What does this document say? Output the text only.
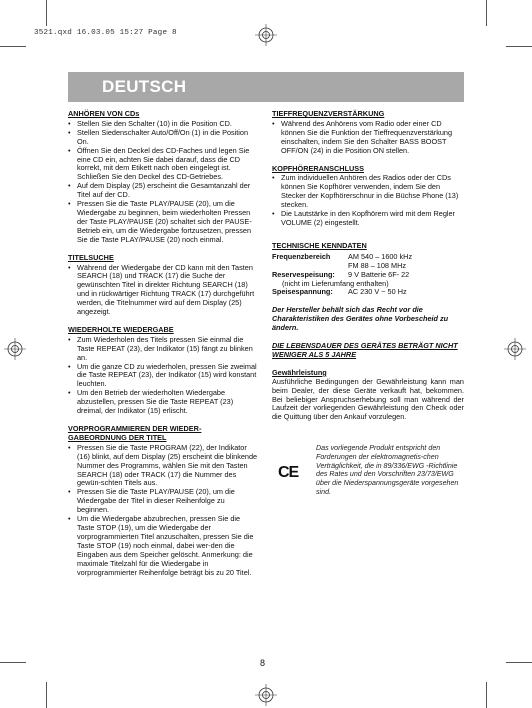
3521.qxd 16.03.05 15:27 Page 8
DEUTSCH
ANHÖREN VON CDs
• Stellen Sie den Schalter (10) in die Position CD.
• Stellen Siedenschalter Auto/Off/On (1) in die Position On.
• Öffnen Sie den Deckel des CD-Faches und legen Sie eine CD ein, achten Sie dabei darauf, dass die CD korrekt, mit dem Etikett nach oben eingelegt ist. Schließen Sie den Deckel des CD-Getriebes.
• Auf dem Display (25) erscheint die Gesamtanzahl der Titel auf der CD.
• Pressen Sie die Taste PLAY/PAUSE (20), um die Wiedergabe zu beginnen, beim wiederholten Pressen der Taste PLAY/PAUSE (20) schaltet sich der PAUSE-Betrieb ein, um die Wiedergabe fortzusetzen, pressen Sie die Taste PLAY/PAUSE (20) noch einmal.
TITELSUCHE
• Während der Wiedergabe der CD kann mit den Tasten SEARCH (18) und TRACK (17) die Suche der gewünschten Titel in direkter Richtung SEARCH (18) und in rückwärtiger Richtung TRACK (17) durchgeführt werden, die Titelnummer wird auf dem Display (25) angezeigt.
WIEDERHOLTE WIEDERGABE
• Zum Wiederholen des Titels pressen Sie einmal die Taste REPEAT (23), der Indikator (15) fängt zu blinken an.
• Um die ganze CD zu wiederholen, pressen Sie zweimal die Taste REPEAT (23), der Indikator (15) wird konstant leuchten.
• Um den Betrieb der wiederholten Wiedergabe abzustellen, pressen Sie die Taste REPEAT (23) dreimal, der Indikator (15) erlischt.
VORPROGRAMMIEREN DER WIEDER-GABEORDNUNG DER TITEL
• Pressen Sie die Taste PROGRAM (22), der Indikator (16) blinkt, auf dem Display (25) erscheint die blinkende Nummer des Programms, wählen Sie mit den Tasten SEARCH (18) oder TRACK (17) die Nummer des gewün-schten Titels aus.
• Pressen Sie die Taste PLAY/PAUSE (20), um die Wiedergabe der Titel in dieser Reihenfolge zu beginnen.
• Um die Wiedergabe abzubrechen, pressen Sie die Taste STOP (19), um die Wiedergabe der vorprogrammierten Titel anzuschalten, pressen Sie die Taste STOP (19) noch einmal, dabei wer-den die Eingaben aus dem Speicher gelöscht. Anmerkung: die maximale Titelzahl für die Wiedergabe in vorprogrammierter Reihenfolge beträgt bis zu 20 Titel.
TIEFFREQUENZVERSTÄRKUNG
• Während des Anhörens vom Radio oder einer CD können Sie die Funktion der Tieffrequenzverstärkung einschalten, indem Sie den Schalter BASS BOOST OFF/ON (24) in die Position ON stellen.
KOPFHÖRERANSCHLUSS
• Zum individuellen Anhören des Radios oder der CDs können Sie Kopfhörer verwenden, indem Sie den Stecker der Kopfhörerschnur in die Büchse Phone (13) stecken.
• Die Lautstärke in den Kopfhörern wird mit dem Regler VOLUME (2) eingestellt.
TECHNISCHE KENNDATEN
Frequenzbereich	AM 540 – 1600 kHz
FM 88 – 108 MHz
Reservespeisung:	9 V Batterie 6F- 22
(nicht im Lieferumfang enthalten)
Speisespannung:	AC 230 V ~ 50 Hz
Der Hersteller behält sich das Recht vor die Charakteristiken des Gerätes ohne Vorbescheid zu ändern.
DIE LEBENSDAUER DES GERÄTES BETRÄGT NICHT WENIGER ALS 5 JAHRE
Gewährleistung
Ausführliche Bedingungen der Gewährleistung kann man beim Dealer, der diese Geräte verkauft hat, bekommen. Bei beliebiger Anspruchserhebung soll man während der Laufzeit der vorliegenden Gewährleistung den Check oder die Quittung über den Ankauf vorzulegen.
CE
Das vorliegende Produkt entspricht den Forderungen der elektromagnetis-chen Verträglichkeit, die in 89/336/EWG -Richtlinie des Rates und den Vorschriften 23/73/EWG über die Niederspannungsgeräte vorgesehen sind.
8
